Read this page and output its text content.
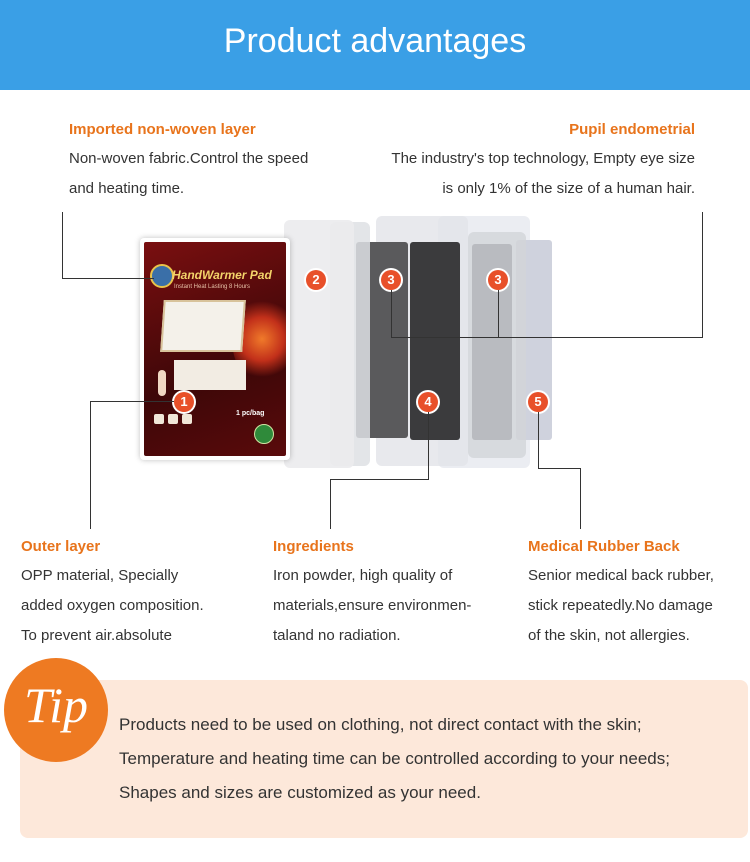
Product advantages
Imported non-woven layer
Non-woven fabric.Control the speed
and heating time.
Pupil endometrial
The industry's top technology, Empty eye size
is only 1% of the size of a human hair.
HandWarmer Pad
Instant Heat Lasting 8 Hours
1 pc/bag
1
2	3	3
4	5
Outer layer
OPP material, Specially
added oxygen composition.
To prevent air.absolute
Ingredients
Iron powder, high quality of
materials,ensure environmen-
taland no radiation.
Medical Rubber Back
Senior medical back rubber,
stick repeatedly.No damage
of the skin, not allergies.
Tip	Products need to be used on clothing, not direct contact with the skin;
Temperature and heating time can be controlled according to your needs;
Shapes and sizes are customized as your need.
